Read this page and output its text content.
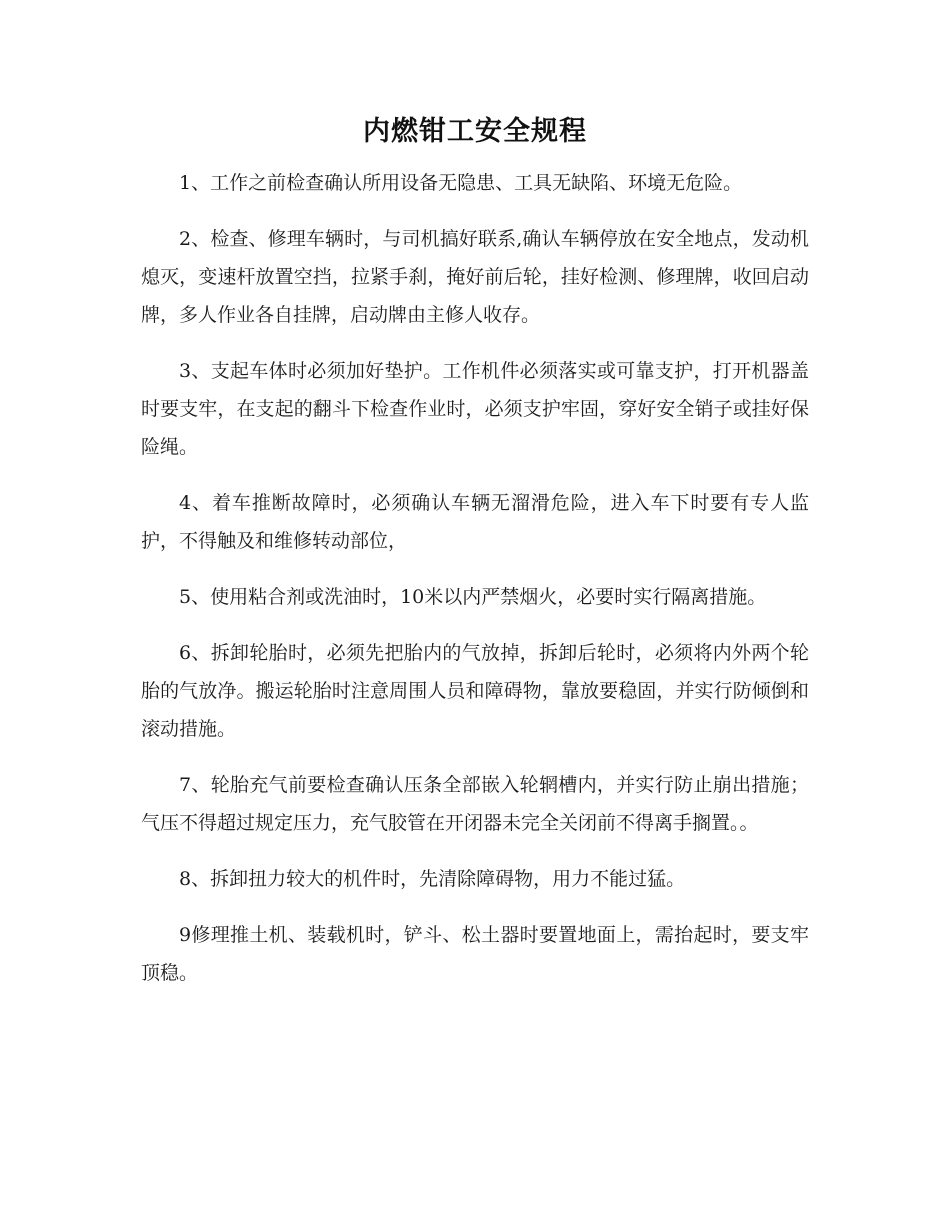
内燃钳工安全规程

1、工作之前检查确认所用设备无隐患、工具无缺陷、环境无危险。

2、检查、修理车辆时，与司机搞好联系,确认车辆停放在安全地点，发动机熄灭，变速杆放置空挡，拉紧手刹，掩好前后轮，挂好检测、修理牌，收回启动牌，多人作业各自挂牌，启动牌由主修人收存。

3、支起车体时必须加好垫护。工作机件必须落实或可靠支护，打开机器盖时要支牢，在支起的翻斗下检查作业时，必须支护牢固，穿好安全销子或挂好保险绳。

4、着车推断故障时，必须确认车辆无溜滑危险，进入车下时要有专人监护，不得触及和维修转动部位，

5、使用粘合剂或洗油时，10米以内严禁烟火，必要时实行隔离措施。

6、拆卸轮胎时，必须先把胎内的气放掉，拆卸后轮时，必须将内外两个轮胎的气放净。搬运轮胎时注意周围人员和障碍物，靠放要稳固，并实行防倾倒和滚动措施。

7、轮胎充气前要检查确认压条全部嵌入轮辋槽内，并实行防止崩出措施；气压不得超过规定压力，充气胶管在开闭器未完全关闭前不得离手搁置。。

8、拆卸扭力较大的机件时，先清除障碍物，用力不能过猛。

9修理推土机、装载机时，铲斗、松土器时要置地面上，需抬起时，要支牢顶稳。
